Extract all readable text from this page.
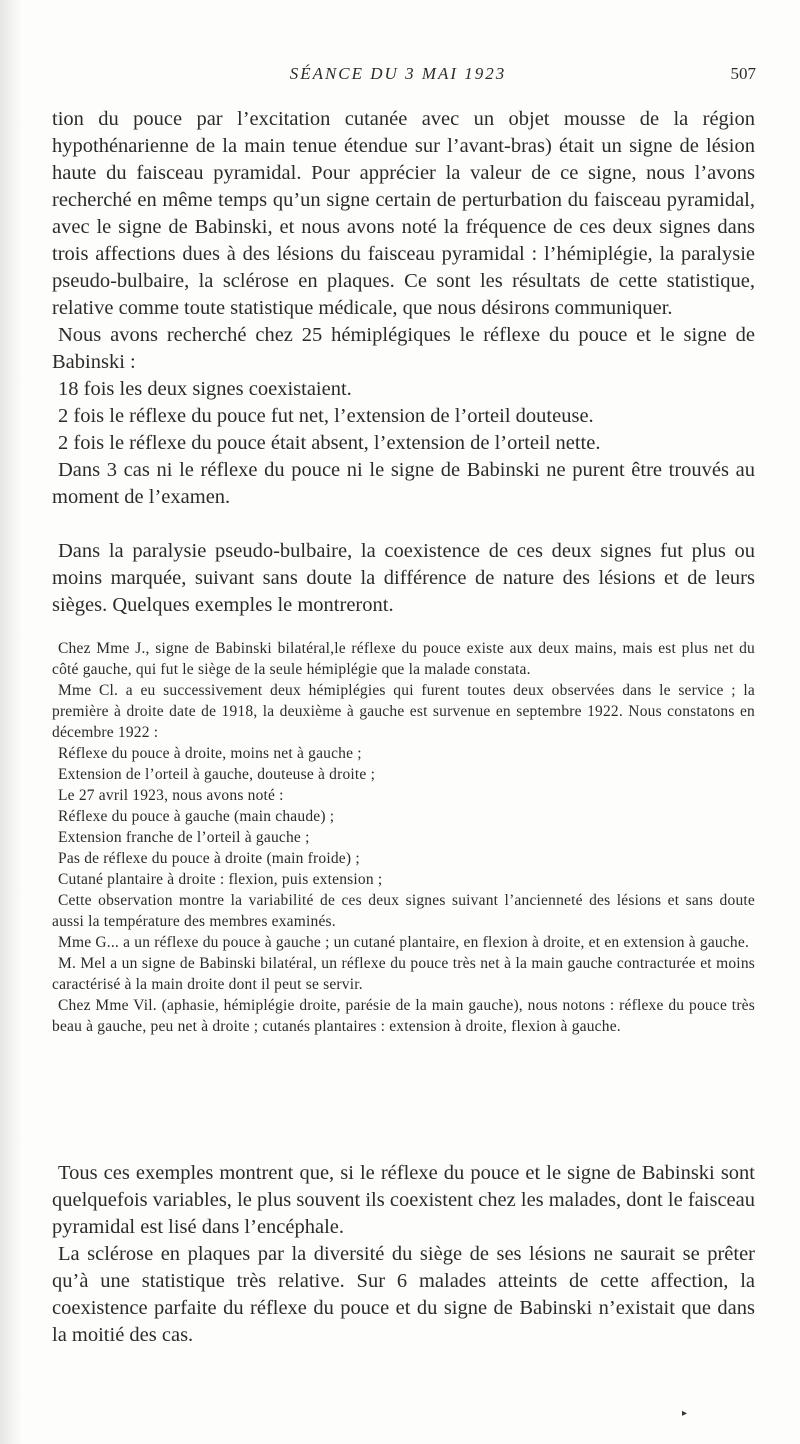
SÉANCE DU 3 MAI 1923	507

tion du pouce par l’excitation cutanée avec un objet mousse de la région hypothénarienne de la main tenue étendue sur l’avant-bras) était un signe de lésion haute du faisceau pyramidal. Pour apprécier la valeur de ce signe, nous l’avons recherché en même temps qu’un signe certain de perturbation du faisceau pyramidal, avec le signe de Babinski, et nous avons noté la fréquence de ces deux signes dans trois affections dues à des lésions du faisceau pyramidal : l’hémiplégie, la paralysie pseudo-bulbaire, la sclérose en plaques. Ce sont les résultats de cette statistique, relative comme toute statistique médicale, que nous désirons communiquer.

Nous avons recherché chez 25 hémiplégiques le réflexe du pouce et le signe de Babinski :

18 fois les deux signes coexistaient.

2 fois le réflexe du pouce fut net, l’extension de l’orteil douteuse.

2 fois le réflexe du pouce était absent, l’extension de l’orteil nette.

Dans 3 cas ni le réflexe du pouce ni le signe de Babinski ne purent être trouvés au moment de l’examen.

Dans la paralysie pseudo-bulbaire, la coexistence de ces deux signes fut plus ou moins marquée, suivant sans doute la différence de nature des lésions et de leurs sièges. Quelques exemples le montreront.

Chez Mme J., signe de Babinski bilatéral,le réflexe du pouce existe aux deux mains, mais est plus net du côté gauche, qui fut le siège de la seule hémiplégie que la malade constata.

Mme Cl. a eu successivement deux hémiplégies qui furent toutes deux observées dans le service ; la première à droite date de 1918, la deuxième à gauche est survenue en septembre 1922. Nous constatons en décembre 1922 :

Réflexe du pouce à droite, moins net à gauche ;

Extension de l’orteil à gauche, douteuse à droite ;

Le 27 avril 1923, nous avons noté :

Réflexe du pouce à gauche (main chaude) ;

Extension franche de l’orteil à gauche ;

Pas de réflexe du pouce à droite (main froide) ;

Cutané plantaire à droite : flexion, puis extension ;

Cette observation montre la variabilité de ces deux signes suivant l’ancienneté des lésions et sans doute aussi la température des membres examinés.

Mme G... a un réflexe du pouce à gauche ; un cutané plantaire, en flexion à droite, et en extension à gauche.

M. Mel a un signe de Babinski bilatéral, un réflexe du pouce très net à la main gauche contracturée et moins caractérisé à la main droite dont il peut se servir.

Chez Mme Vil. (aphasie, hémiplégie droite, parésie de la main gauche), nous notons : réflexe du pouce très beau à gauche, peu net à droite ; cutanés plantaires : extension à droite, flexion à gauche.

Tous ces exemples montrent que, si le réflexe du pouce et le signe de Babinski sont quelquefois variables, le plus souvent ils coexistent chez les malades, dont le faisceau pyramidal est lisé dans l’encéphale.

La sclérose en plaques par la diversité du siège de ses lésions ne saurait se prêter qu’à une statistique très relative. Sur 6 malades atteints de cette affection, la coexistence parfaite du réflexe du pouce et du signe de Babinski n’existait que dans la moitié des cas.

▸
